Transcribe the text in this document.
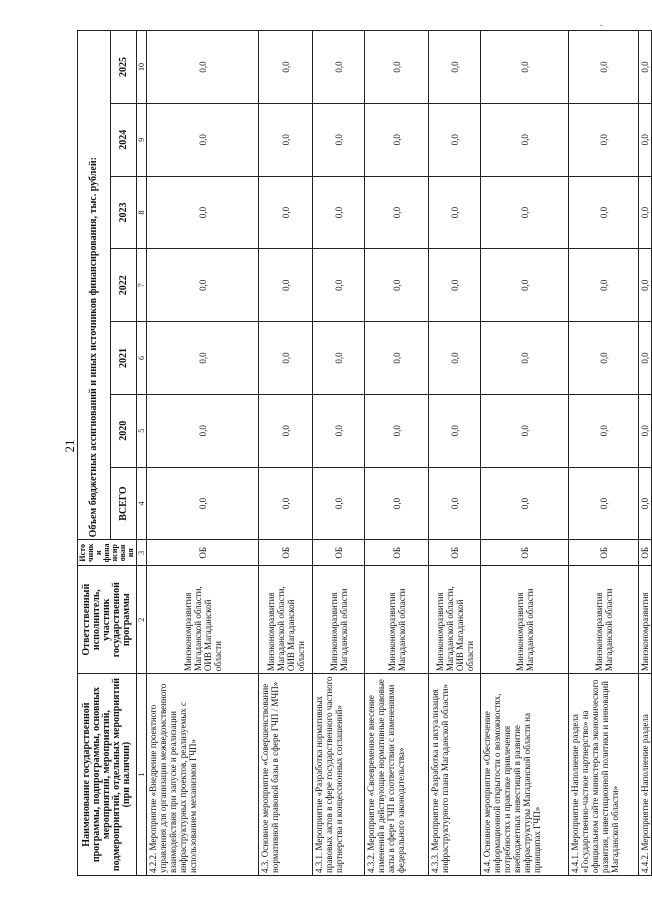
21
.
Наименование государственной программы, подпрограммы, основных мероприятий, мероприятий, подмероприятий, отдельных мероприятий (при наличии)	Ответственный исполнитель, участник государственной программы	Источники финансирования	Объем бюджетных ассигнований и иных источников финансирования, тыс. рублей:						
			ВСЕГО	2020	2021	2022	2023	2024	2025
1	2	3	4	5	6	7	8	9	10
4.2.2. Мероприятие «Внедрение проектного управления для организации межведомственного взаимодействия при запуске и реализации инфраструктурных проектов, реализуемых с использованием механизмов ГЧП»	Минэкономразвития Магаданской области, ОИВ Магаданской области	ОБ	0,0	0,0	0,0	0,0	0,0	0,0	0,0
4.3. Основное мероприятие «Совершенствование нормативной правовой базы в сфере ГЧП / МЧП»	Минэкономразвития Магаданской области, ОИВ Магаданской области	ОБ	0,0	0,0	0,0	0,0	0,0	0,0	0,0
4.3.1. Мероприятие «Разработка нормативных правовых актов в сфере государственного частного партнерства и концессионных соглашений»	Минэкономразвития Магаданской области	ОБ	0,0	0,0	0,0	0,0	0,0	0,0	0,0
4.3.2. Мероприятие «Своевременное внесение изменений в действующие нормативные правовые акты в сфере ГЧП в соответствии с изменениями федерального законодательства»	Минэкономразвития Магаданской области	ОБ	0,0	0,0	0,0	0,0	0,0	0,0	0,0
4.3.3. Мероприятие «Разработка и актуализация инфраструктурного плана Магаданской области»	Минэкономразвития Магаданской области, ОИВ Магаданской области	ОБ	0,0	0,0	0,0	0,0	0,0	0,0	0,0
4.4. Основное мероприятие «Обеспечение информационной открытости о возможностях, потребностях и практике привлечения внебюджетных инвестиций в развитие инфраструктуры Магаданской области на принципах ГЧП»	Минэкономразвития Магаданской области	ОБ	0,0	0,0	0,0	0,0	0,0	0,0	0,0
4.4.1. Мероприятие «Наполнение раздела «Государственно-частное партнерство» на официальном сайте министерства экономического развития, инвестиционной политики и инноваций Магаданской области»	Минэкономразвития Магаданской области	ОБ	0,0	0,0	0,0	0,0	0,0	0,0	0,0
4.4.2. Мероприятие «Наполнение раздела	Минэкономразвития	ОБ	0,0	0,0	0,0	0,0	0,0	0,0	0,0
